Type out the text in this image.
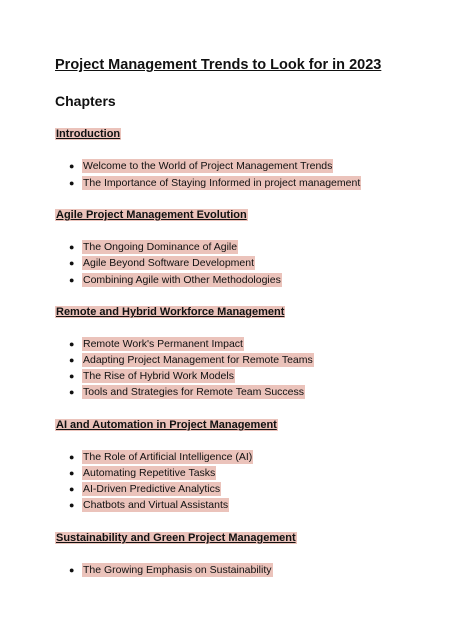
Project Management Trends to Look for in 2023
Chapters
Introduction
● Welcome to the World of Project Management Trends
● The Importance of Staying Informed in project management
Agile Project Management Evolution
● The Ongoing Dominance of Agile
● Agile Beyond Software Development
● Combining Agile with Other Methodologies
Remote and Hybrid Workforce Management
● Remote Work's Permanent Impact
● Adapting Project Management for Remote Teams
● The Rise of Hybrid Work Models
● Tools and Strategies for Remote Team Success
AI and Automation in Project Management
● The Role of Artificial Intelligence (AI)
● Automating Repetitive Tasks
● AI-Driven Predictive Analytics
● Chatbots and Virtual Assistants
Sustainability and Green Project Management
● The Growing Emphasis on Sustainability
